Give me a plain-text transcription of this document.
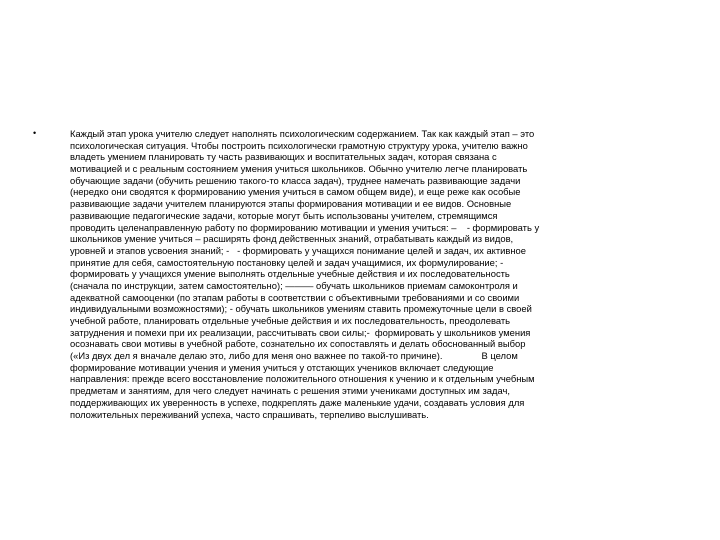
•	Каждый этап урока учителю следует наполнять психологическим содержанием. Так как каждый этап – это
психологическая ситуация. Чтобы построить психологически грамотную структуру урока, учителю важно
владеть умением планировать ту часть развивающих и воспитательных задач, которая связана с
мотивацией и с реальным состоянием умения учиться школьников. Обычно учителю легче планировать
обучающие задачи (обучить решению такого-то класса задач), труднее намечать развивающие задачи
(нередко они сводятся к формированию умения учиться в самом общем виде), и еще реже как особые
развивающие задачи учителем планируются этапы формирования мотивации и ее видов. Основные
развивающие педагогические задачи, которые могут быть использованы учителем, стремящимся
проводить целенаправленную работу по формированию мотивации и умения учиться: –    - формировать у
школьников умение учиться – расширять фонд действенных знаний, отрабатывать каждый из видов,
уровней и этапов усвоения знаний; -   - формировать у учащихся понимание целей и задач, их активное
принятие для себя, самостоятельную постановку целей и задач учащимися, их формулирование; -
формировать у учащихся умение выполнять отдельные учебные действия и их последовательность
(сначала по инструкции, затем самостоятельно); ——— обучать школьников приемам самоконтроля и
адекватной самооценки (по этапам работы в соответствии с объективными требованиями и со своими
индивидуальными возможностями); - обучать школьников умениям ставить промежуточные цели в своей
учебной работе, планировать отдельные учебные действия и их последовательность, преодолевать
затруднения и помехи при их реализации, рассчитывать свои силы;-  формировать у школьников умения
осознавать свои мотивы в учебной работе, сознательно их сопоставлять и делать обоснованный выбор
(«Из двух дел я вначале делаю это, либо для меня оно важнее по такой-то причине).               В целом
формирование мотивации учения и умения учиться у отстающих учеников включает следующие
направления: прежде всего восстановление положительного отношения к учению и к отдельным учебным
предметам и занятиям, для чего следует начинать с решения этими учениками доступных им задач,
поддерживающих их уверенность в успехе, подкреплять даже маленькие удачи, создавать условия для
положительных переживаний успеха, часто спрашивать, терпеливо выслушивать.
